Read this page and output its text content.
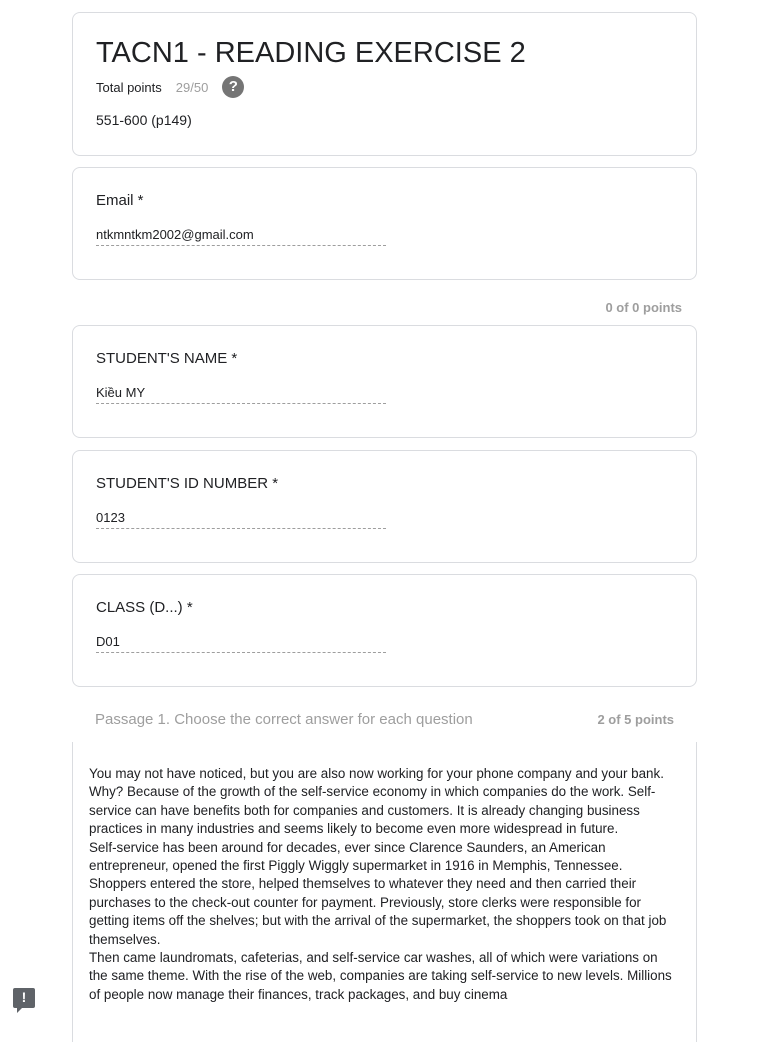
TACN1 - READING EXERCISE 2
Total points 29/50	?
551-600 (p149)
Email *
ntkmntkm2002@gmail.com
0 of 0 points
STUDENT'S NAME *
Kiều MY
STUDENT'S ID NUMBER *
0123
CLASS (D...) *
D01
Passage 1. Choose the correct answer for each question	2 of 5 points

You may not have noticed, but you are also now working for your phone company and your bank. Why? Because of the growth of the self-service economy in which companies do the work. Self-service can have benefits both for companies and customers. It is already changing business practices in many industries and seems likely to become even more widespread in future.

Self-service has been around for decades, ever since Clarence Saunders, an American entrepreneur, opened the first Piggly Wiggly supermarket in 1916 in Memphis, Tennessee. Shoppers entered the store, helped themselves to whatever they need and then carried their purchases to the check-out counter for payment. Previously, store clerks were responsible for getting items off the shelves; but with the arrival of the supermarket, the shoppers took on that job themselves.

Then came laundromats, cafeterias, and self-service car washes, all of which were variations on the same theme. With the rise of the web, companies are taking self-service to new levels. Millions of people now manage their finances, track packages, and buy cinema

!
